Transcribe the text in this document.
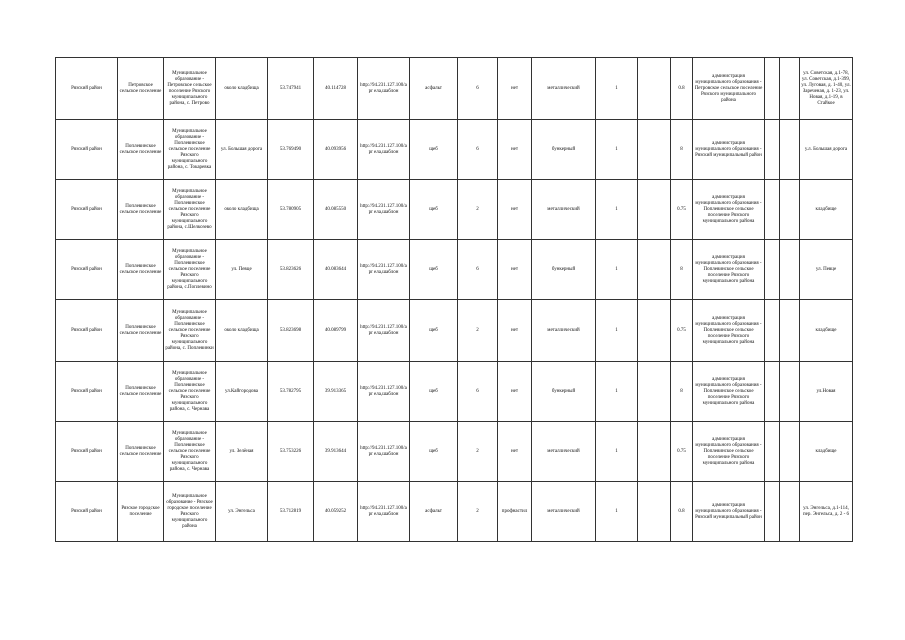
Рязский район	Петровское сельское поселение	Муниципальное образование - Петровское сельское поселение Рязского муниципального района, с. Петрово	около кладбища	53.747941	40.114728	http://94.231.127.100/apr ела,шаблон	асфальт	6	нет	металлический	1		0.8	администрация муниципального образования - Петровское сельское поселение Рязского муниципального района			ул. Советская, д.1-78, ул. Советская, д.1-399, ул. Луговая, д. 1-40, ул. Зареченая, д. 1-23, ул. Новая, д.1-19, в Стайкое

Рязский район	Поплевинское сельское поселение	Муниципальное образование - Поплевинское сельское поселение Рязского муниципального района, с. Токаревка	ул. Большая дорога	53.769490	40.093956	http://94.231.127.100/apr ела,шаблон	щеб	6	нет	бункерный	1		8	администрация муниципального образования - Рязский муниципальный район			у.л. Большая дорога

Рязский район	Поплевинское сельское поселение	Муниципальное образование - Поплевинское сельское поселение Рязского муниципального района, с.Шелкозево	около кладбища	53.780905	40.085550	http://94.231.127.100/apr ела,шаблон	щеб	2	нет	металлический	1		0.75	администрация муниципального образования - Поплевинское сельское поселение Рязского муниципального района			кладбище

Рязский район	Поплевинское сельское поселение	Муниципальное образование - Поплевинское сельское поселение Рязского муниципального района, с.Поплевино	ул. Певце	53.823626	40.083644	http://94.231.127.100/apr ела,шаблон	щеб	6	нет	бункерный	1		8	администрация муниципального образования - Поплевинское сельское поселение Рязского муниципального района			ул. Певце

Рязский район	Поплевинское сельское поселение	Муниципальное образование - Поплевинское сельское поселение Рязского муниципального района, с. Поплевинки	около кладбища	53.823698	40.089799	http://94.231.127.100/apr ела,шаблон	щеб	2	нет	металлический	1		0.75	администрация муниципального образования - Поплевинское сельское поселение Рязского муниципального района			кладбище

Рязский район	Поплевинское сельское поселение	Муниципальное образование - Поплевинское сельское поселение Рязского муниципального района, с. Чернава	ул.Кайгородова	53.782795	39.913365	http://94.231.127.100/apr ела,шаблон	щеб	6	нет	бункерный	1		8	администрация муниципального образования - Поплевинское сельское поселение Рязского муниципального района			ул.Новая

Рязский район	Поплевинское сельское поселение	Муниципальное образование - Поплевинское сельское поселение Рязского муниципального района, с. Чернава	ул. Зелёная	53.753226	39.913644	http://94.231.127.100/apr ела,шаблон	щеб	2	нет	металлический	1		0.75	администрация муниципального образования - Поплевинское сельское поселение Рязского муниципального района			кладбище

Рязский район	Рязское городское поселение	Муниципальное образование - Рязское городское поселение Рязского муниципального района	ул. Энгельса	53.712819	40.059252	http://94.231.127.100/apr ела,шаблон	асфальт	2	профнастил	металлический	1		0.8	администрация муниципального образования - Рязский муниципальный район			ул. Энгельса, д.1-114, пер. Энгельса, д. 2 - 6
